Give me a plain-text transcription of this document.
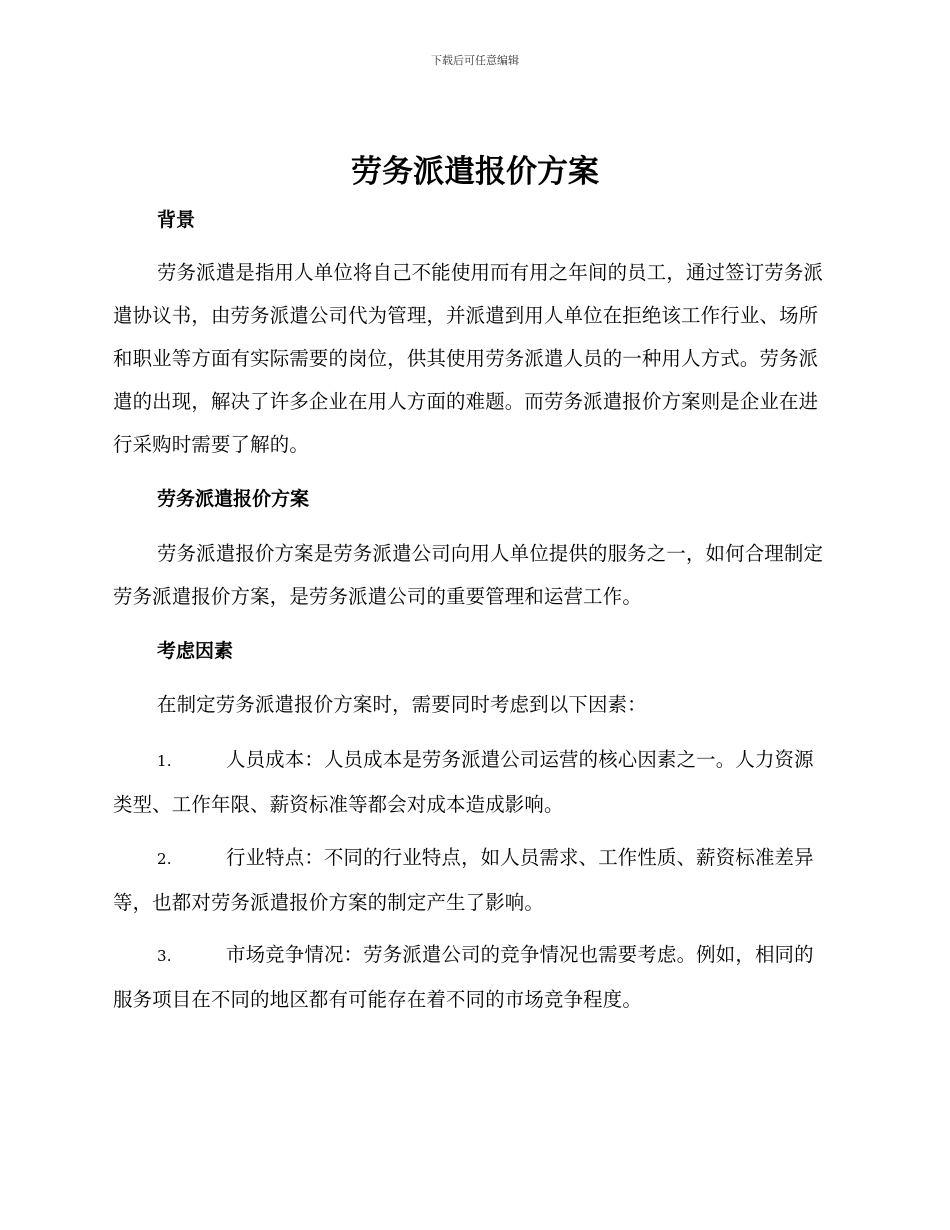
下载后可任意编辑
劳务派遣报价方案
背景

劳务派遣是指用人单位将自己不能使用而有用之年间的员工，通过签订劳务派遣协议书，由劳务派遣公司代为管理，并派遣到用人单位在拒绝该工作行业、场所和职业等方面有实际需要的岗位，供其使用劳务派遣人员的一种用人方式。劳务派遣的出现，解决了许多企业在用人方面的难题。而劳务派遣报价方案则是企业在进行采购时需要了解的。

劳务派遣报价方案

劳务派遣报价方案是劳务派遣公司向用人单位提供的服务之一，如何合理制定劳务派遣报价方案，是劳务派遣公司的重要管理和运营工作。

考虑因素

在制定劳务派遣报价方案时，需要同时考虑到以下因素：

1.	人员成本：人员成本是劳务派遣公司运营的核心因素之一。人力资源类型、工作年限、薪资标准等都会对成本造成影响。
2.	行业特点：不同的行业特点，如人员需求、工作性质、薪资标准差异等，也都对劳务派遣报价方案的制定产生了影响。
3.	市场竞争情况：劳务派遣公司的竞争情况也需要考虑。例如，相同的服务项目在不同的地区都有可能存在着不同的市场竞争程度。
